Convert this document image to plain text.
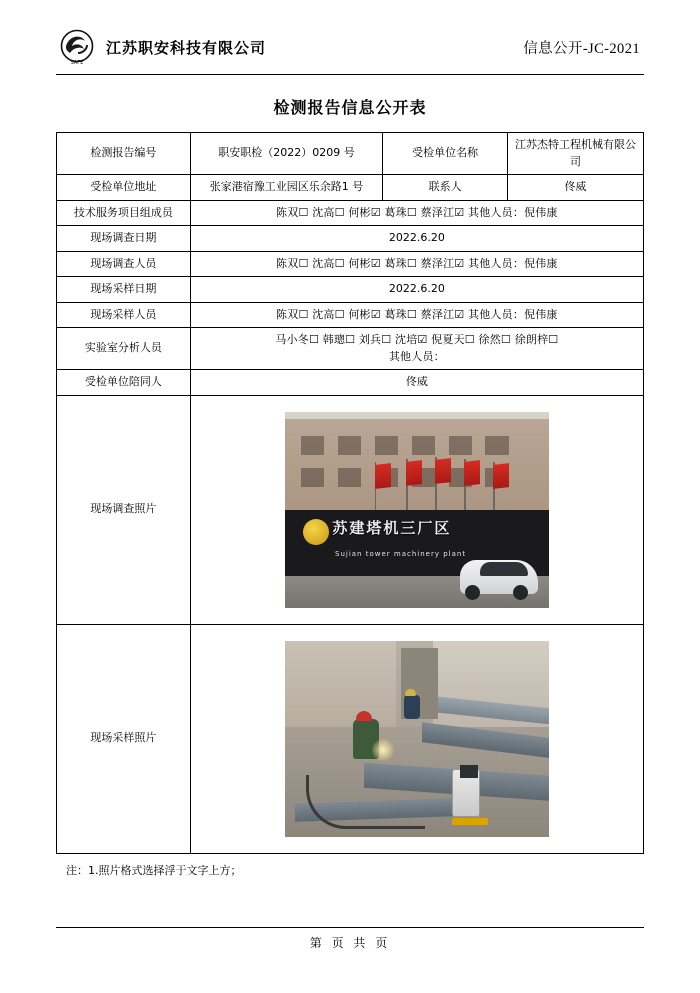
SAFE
江苏职安科技有限公司	信息公开-JC-2021
检测报告信息公开表
检测报告编号	职安职检（2022）0209 号	受检单位名称	江苏杰特工程机械有限公司
受检单位地址	张家港宿豫工业园区乐余路1 号	联系人	佟威
技术服务项目组成员	陈双☐ 沈高☐ 何彬☑ 葛珠☐ 蔡泽江☑ 其他人员：倪伟康		
现场调查日期	2022.6.20		
现场调查人员	陈双☐ 沈高☐ 何彬☑ 葛珠☐ 蔡泽江☑ 其他人员：倪伟康		
现场采样日期	2022.6.20		
现场采样人员	陈双☐ 沈高☐ 何彬☑ 葛珠☐ 蔡泽江☑ 其他人员：倪伟康		
实验室分析人员	马小冬☐ 韩璁☐ 刘兵☐ 沈培☑ 倪夏天☐ 徐然☐ 徐朗梓☐
其他人员：		

受检单位陪同人	佟威		
现场调查照片	苏建塔机三厂区
Sujian tower machinery plant		

现场采样照片			
注：1.照片格式选择浮于文字上方；
第 页 共 页
